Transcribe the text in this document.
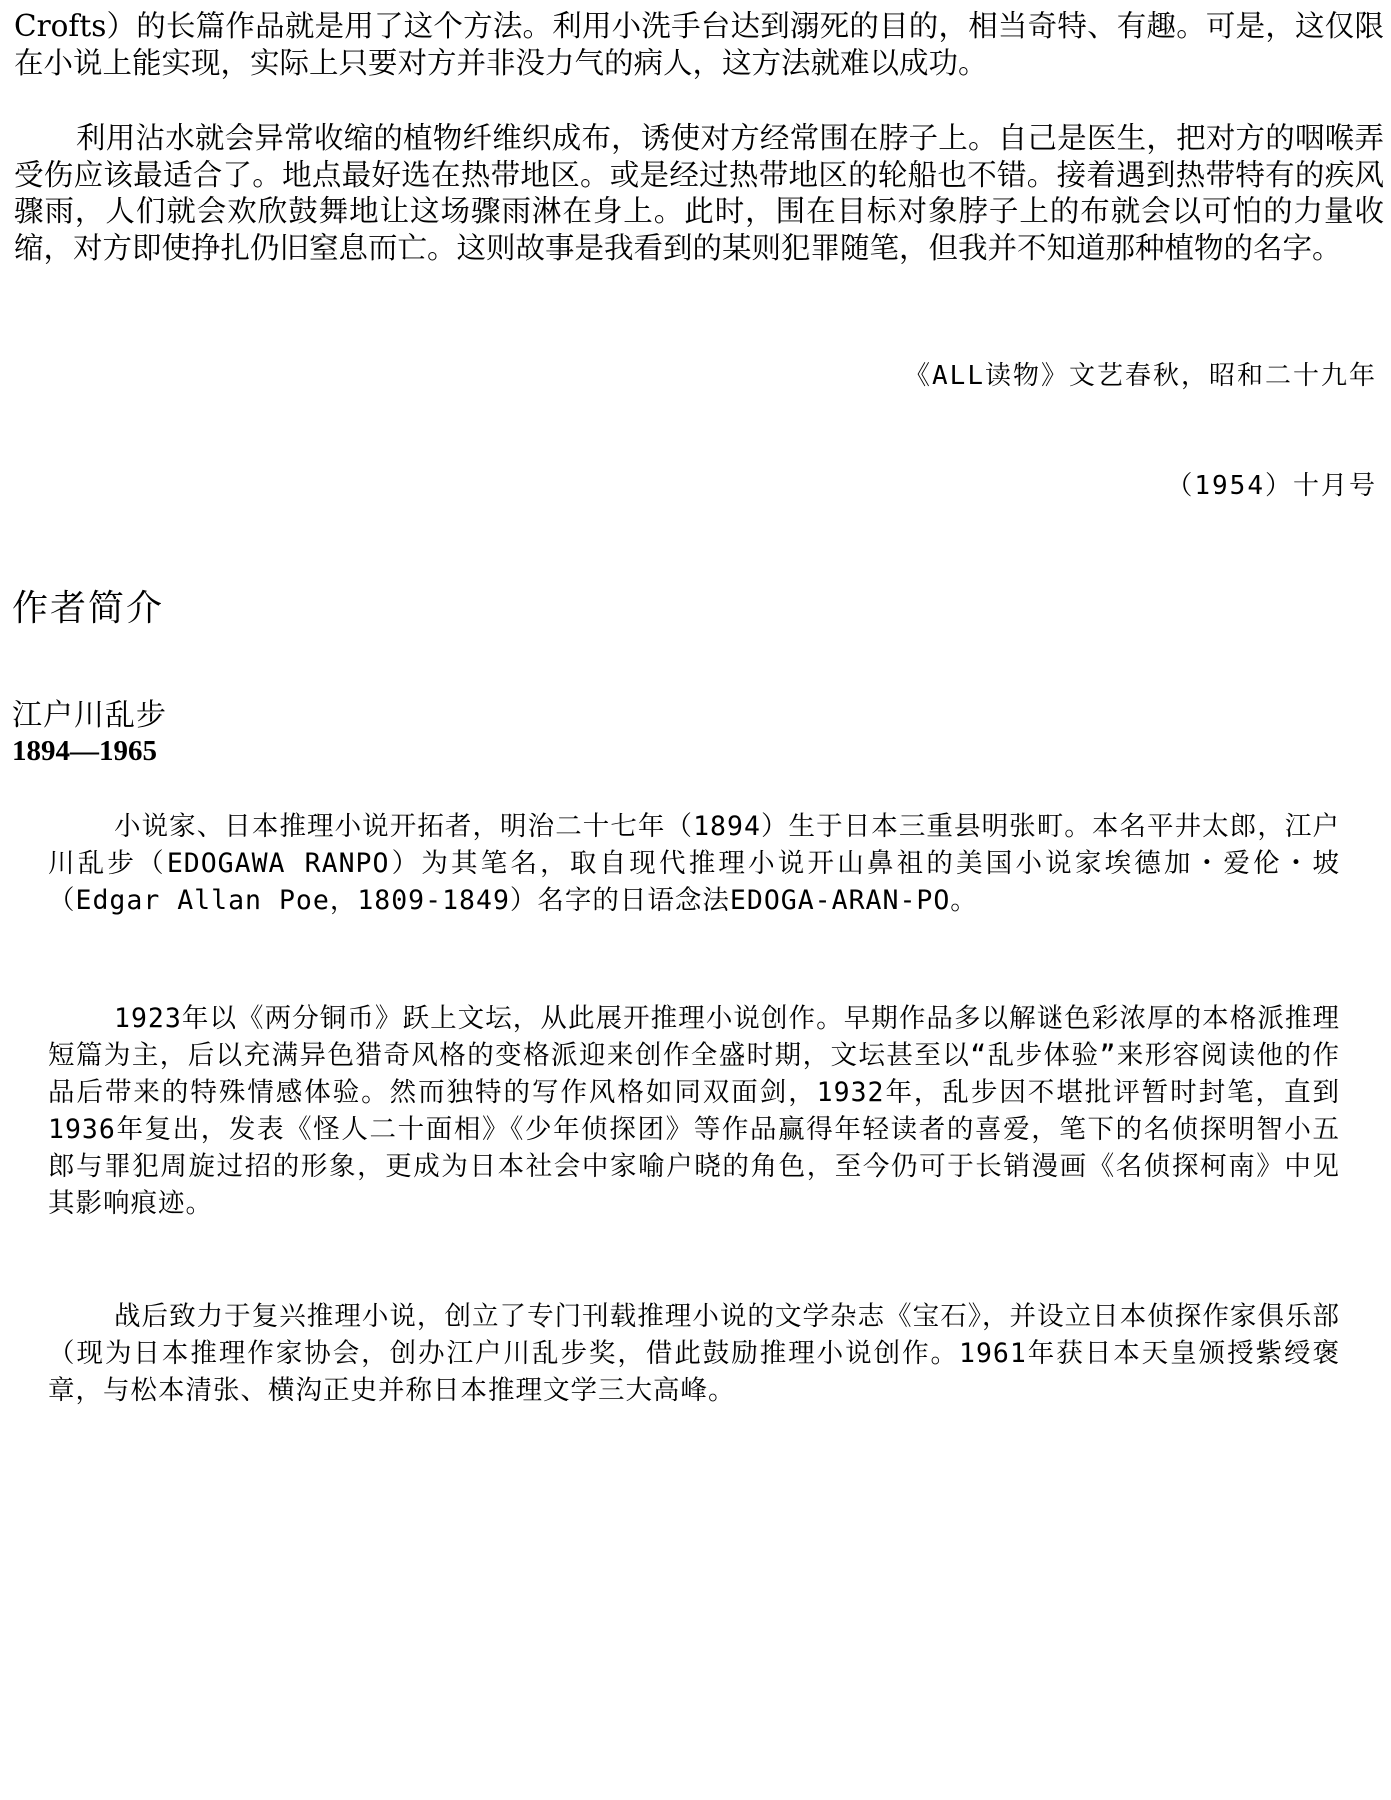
Crofts）的长篇作品就是用了这个方法。利用小洗手台达到溺死的目的，相当奇特、有趣。可是，这仅限在小说上能实现，实际上只要对方并非没力气的病人，这方法就难以成功。
利用沾水就会异常收缩的植物纤维织成布，诱使对方经常围在脖子上。自己是医生，把对方的咽喉弄受伤应该最适合了。地点最好选在热带地区。或是经过热带地区的轮船也不错。接着遇到热带特有的疾风骤雨，人们就会欢欣鼓舞地让这场骤雨淋在身上。此时，围在目标对象脖子上的布就会以可怕的力量收缩，对方即使挣扎仍旧窒息而亡。这则故事是我看到的某则犯罪随笔，但我并不知道那种植物的名字。
《ALL读物》文艺春秋，昭和二十九年
（1954）十月号
作者简介
江户川乱步
1894—1965
小说家、日本推理小说开拓者，明治二十七年（1894）生于日本三重县明张町。本名平井太郎，江户川乱步（EDOGAWA RANPO）为其笔名，取自现代推理小说开山鼻祖的美国小说家埃德加・爱伦・坡（Edgar Allan Poe，1809-1849）名字的日语念法EDOGA-ARAN-PO。
1923年以《两分铜币》跃上文坛，从此展开推理小说创作。早期作品多以解谜色彩浓厚的本格派推理短篇为主，后以充满异色猎奇风格的变格派迎来创作全盛时期，文坛甚至以“乱步体验”来形容阅读他的作品后带来的特殊情感体验。然而独特的写作风格如同双面剑，1932年，乱步因不堪批评暂时封笔，直到1936年复出，发表《怪人二十面相》《少年侦探团》等作品赢得年轻读者的喜爱，笔下的名侦探明智小五郎与罪犯周旋过招的形象，更成为日本社会中家喻户晓的角色，至今仍可于长销漫画《名侦探柯南》中见其影响痕迹。
战后致力于复兴推理小说，创立了专门刊载推理小说的文学杂志《宝石》，并设立日本侦探作家俱乐部（现为日本推理作家协会，创办江户川乱步奖，借此鼓励推理小说创作。1961年获日本天皇颁授紫绶褒章，与松本清张、横沟正史并称日本推理文学三大高峰。
